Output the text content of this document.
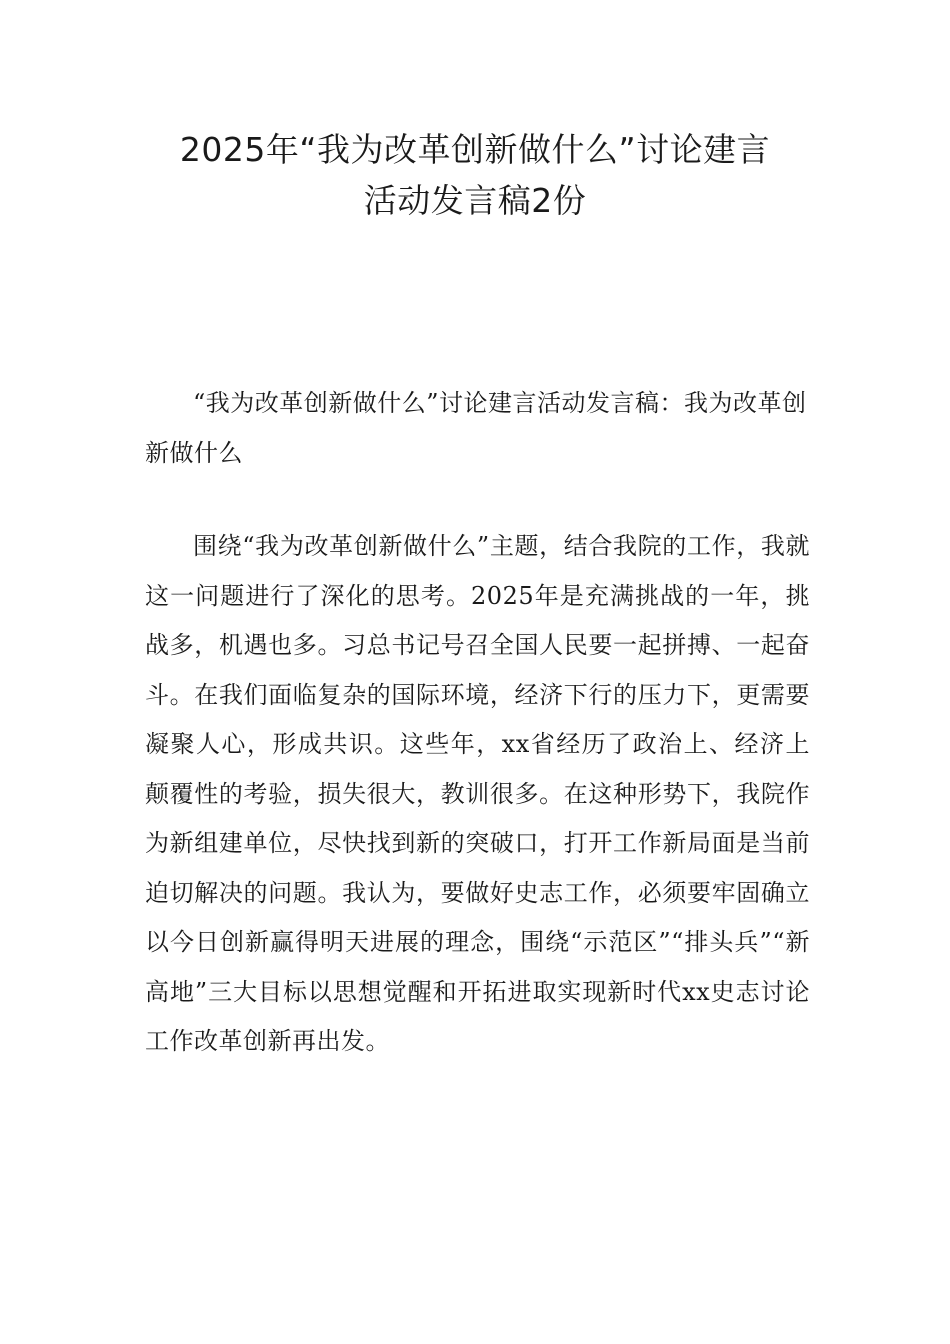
2025年“我为改革创新做什么”讨论建言
活动发言稿2份

“我为改革创新做什么”讨论建言活动发言稿：我为改革创新做什么

围绕“我为改革创新做什么”主题，结合我院的工作，我就这一问题进行了深化的思考。2025年是充满挑战的一年，挑战多，机遇也多。习总书记号召全国人民要一起拼搏、一起奋斗。在我们面临复杂的国际环境，经济下行的压力下，更需要凝聚人心，形成共识。这些年，xx省经历了政治上、经济上颠覆性的考验，损失很大，教训很多。在这种形势下，我院作为新组建单位，尽快找到新的突破口，打开工作新局面是当前迫切解决的问题。我认为，要做好史志工作，必须要牢固确立以今日创新赢得明天进展的理念，围绕“示范区”“排头兵”“新高地”三大目标以思想觉醒和开拓进取实现新时代xx史志讨论工作改革创新再出发。
